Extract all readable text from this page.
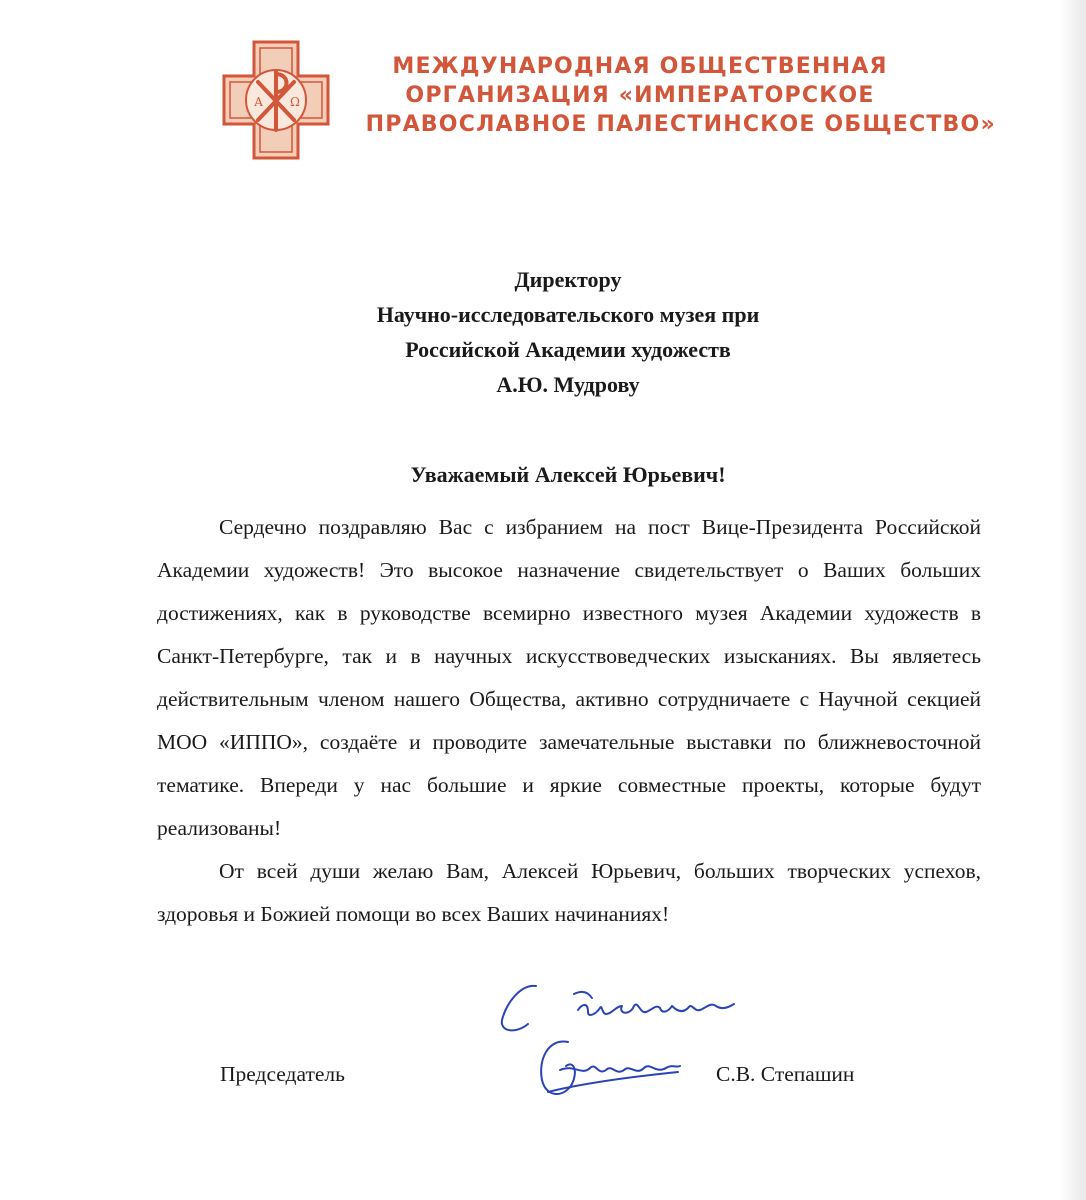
А Ω
МЕЖДУНАРОДНАЯ ОБЩЕСТВЕННАЯ
ОРГАНИЗАЦИЯ «ИМПЕРАТОРСКОЕ
ПРАВОСЛАВНОЕ ПАЛЕСТИНСКОЕ ОБЩЕСТВО»
Директору
Научно-исследовательского музея при
Российской Академии художеств
А.Ю. Мудрову
Уважаемый Алексей Юрьевич!

Сердечно поздравляю Вас с избранием на пост Вице-Президента Российской Академии художеств! Это высокое назначение свидетельствует о Ваших больших достижениях, как в руководстве всемирно известного музея Академии художеств в Санкт-Петербурге, так и в научных искусствоведческих изысканиях. Вы являетесь действительным членом нашего Общества, активно сотрудничаете с Научной секцией МОО «ИППО», создаёте и проводите замечательные выставки по ближневосточной тематике. Впереди у нас большие и яркие совместные проекты, которые будут реализованы!

От всей души желаю Вам, Алексей Юрьевич, больших творческих успехов, здоровья и Божией помощи во всех Ваших начинаниях!

Председатель	С.В. Степашин
